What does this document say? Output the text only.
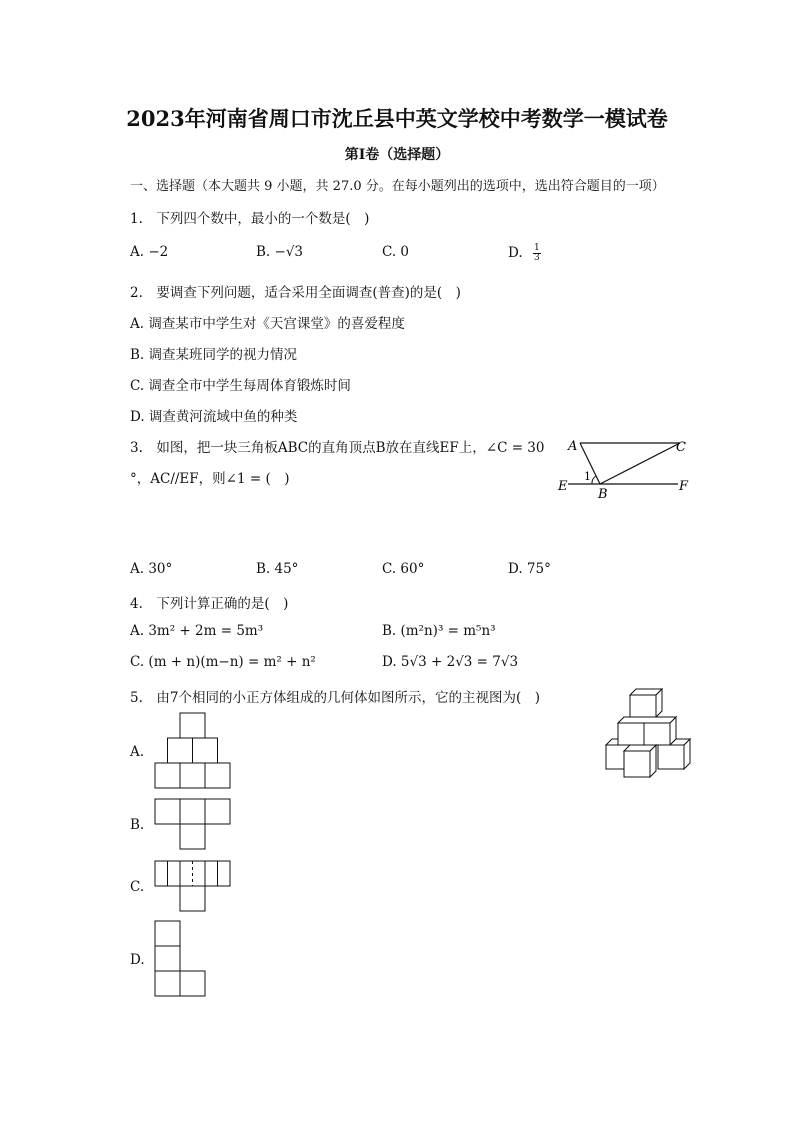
2023年河南省周口市沈丘县中英文学校中考数学一模试卷
第Ⅰ卷（选择题）
一、选择题（本大题共 9 小题，共 27.0 分。在每小题列出的选项中，选出符合题目的一项）
1.　下列四个数中，最小的一个数是(　)
A. −2	B. −√3	C. 0	D. $\frac{1}{3}$
2.　要调查下列问题，适合采用全面调查(普查)的是(　)
A. 调查某市中学生对《天宫课堂》的喜爱程度
B. 调查某班同学的视力情况
C. 调查全市中学生每周体育锻炼时间
D. 调查黄河流域中鱼的种类
3.　如图，把一块三角板ABC的直角顶点B放在直线EF上，∠C = 30
°，AC//EF，则∠1 = (　)
A	C
E
B
F
1
A. 30°	B. 45°	C. 60°	D. 75°
4.　下列计算正确的是(　)
A. 3m² + 2m = 5m³	B. (m²n)³ = m⁵n³
C. (m + n)(m−n) = m² + n²	D. 5√3 + 2√3 = 7√3
5.　由7个相同的小正方体组成的几何体如图所示，它的主视图为(　)
A.
B.
C.
D.
